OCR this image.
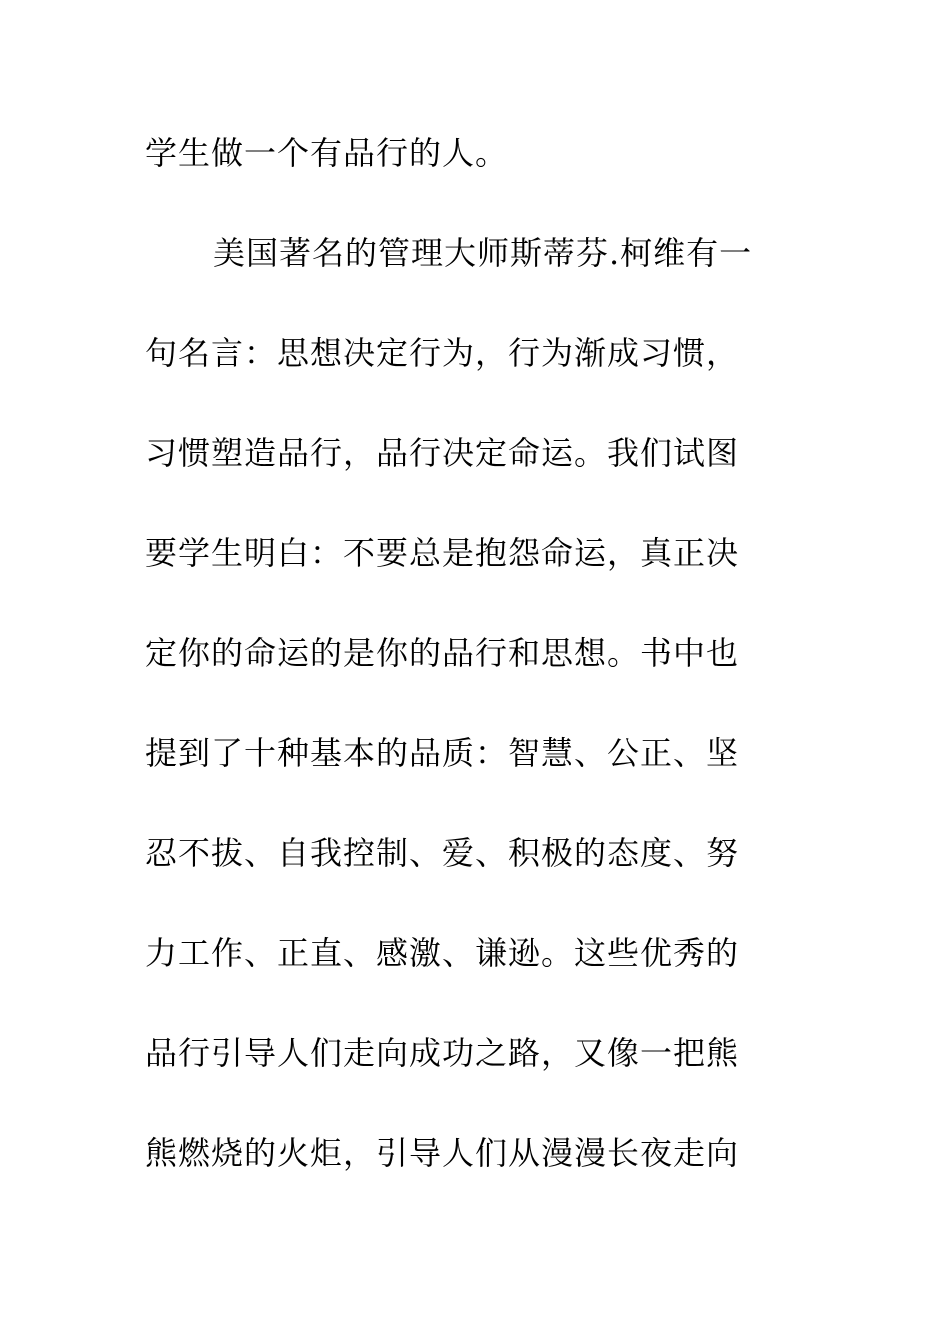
学生做一个有品行的人。
美国著名的管理大师斯蒂芬.柯维有一
句名言：思想决定行为，行为渐成习惯，
习惯塑造品行，品行决定命运。我们试图
要学生明白：不要总是抱怨命运，真正决
定你的命运的是你的品行和思想。书中也
提到了十种基本的品质：智慧、公正、坚
忍不拔、自我控制、爱、积极的态度、努
力工作、正直、感激、谦逊。这些优秀的
品行引导人们走向成功之路，又像一把熊
熊燃烧的火炬，引导人们从漫漫长夜走向
